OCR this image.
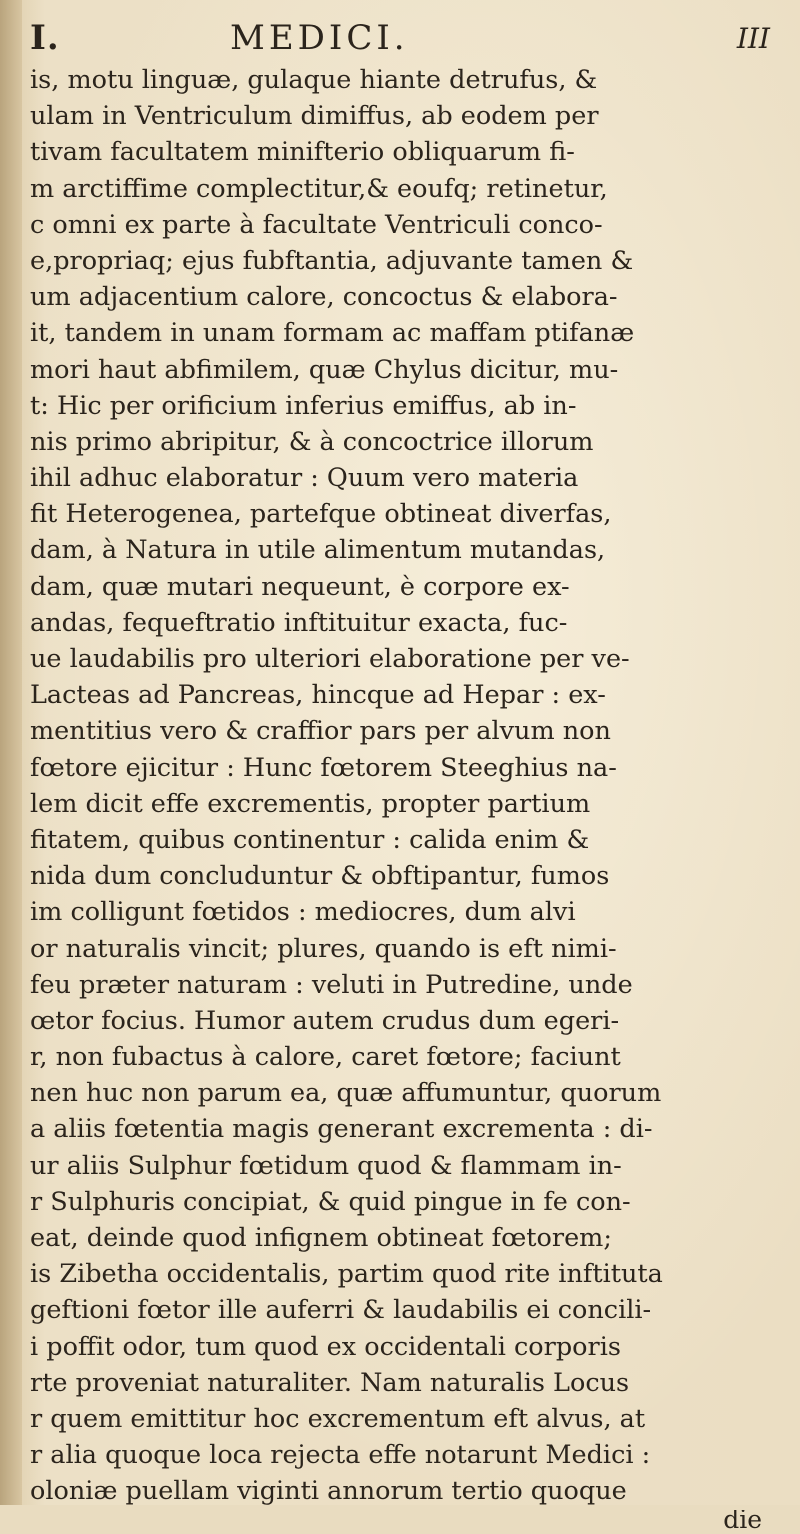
I.	MEDICI.	III
is, motu linguæ, gulaque hiante detrufus, &
ulam in Ventriculum dimiffus, ab eodem per
tivam facultatem minifterio obliquarum fi-
m arctiffime complectitur,& eoufq; retinetur,
c omni ex parte à facultate Ventriculi conco-
e,propriaq; ejus fubftantia, adjuvante tamen &
um adjacentium calore, concoctus & elabora-
it, tandem in unam formam ac maffam ptifanæ
mori haut abfimilem, quæ Chylus dicitur, mu-
t: Hic per orificium inferius emiffus, ab in-
nis primo abripitur, & à concoctrice illorum
ihil adhuc elaboratur : Quum vero materia
fit Heterogenea, partefque obtineat diverfas,
dam, à Natura in utile alimentum mutandas,
dam, quæ mutari nequeunt, è corpore ex-
andas, fequeftratio inftituitur exacta, fuc-
ue laudabilis pro ulteriori elaboratione per ve-
Lacteas ad Pancreas, hincque ad Hepar : ex-
mentitius vero & craffior pars per alvum non
fœtore ejicitur : Hunc fœtorem Steeghius na-
lem dicit effe excrementis, propter partium
fitatem, quibus continentur : calida enim &
nida dum concluduntur & obftipantur, fumos
im colligunt fœtidos : mediocres, dum alvi
or naturalis vincit; plures, quando is eft nimi-
feu præter naturam : veluti in Putredine, unde
œtor focius. Humor autem crudus dum egeri-
r, non fubactus à calore, caret fœtore; faciunt
nen huc non parum ea, quæ affumuntur, quorum
a aliis fœtentia magis generant excrementa : di-
ur aliis Sulphur fœtidum quod & flammam in-
r Sulphuris concipiat, & quid pingue in fe con-
eat, deinde quod infignem obtineat fœtorem;
is Zibetha occidentalis, partim quod rite inftituta
geftioni fœtor ille auferri & laudabilis ei concili-
i poffit odor, tum quod ex occidentali corporis
rte proveniat naturaliter. Nam naturalis Locus
r quem emittitur hoc excrementum eft alvus, at
r alia quoque loca rejecta effe notarunt Medici :
oloniæ puellam viginti annorum tertio quoque
die
